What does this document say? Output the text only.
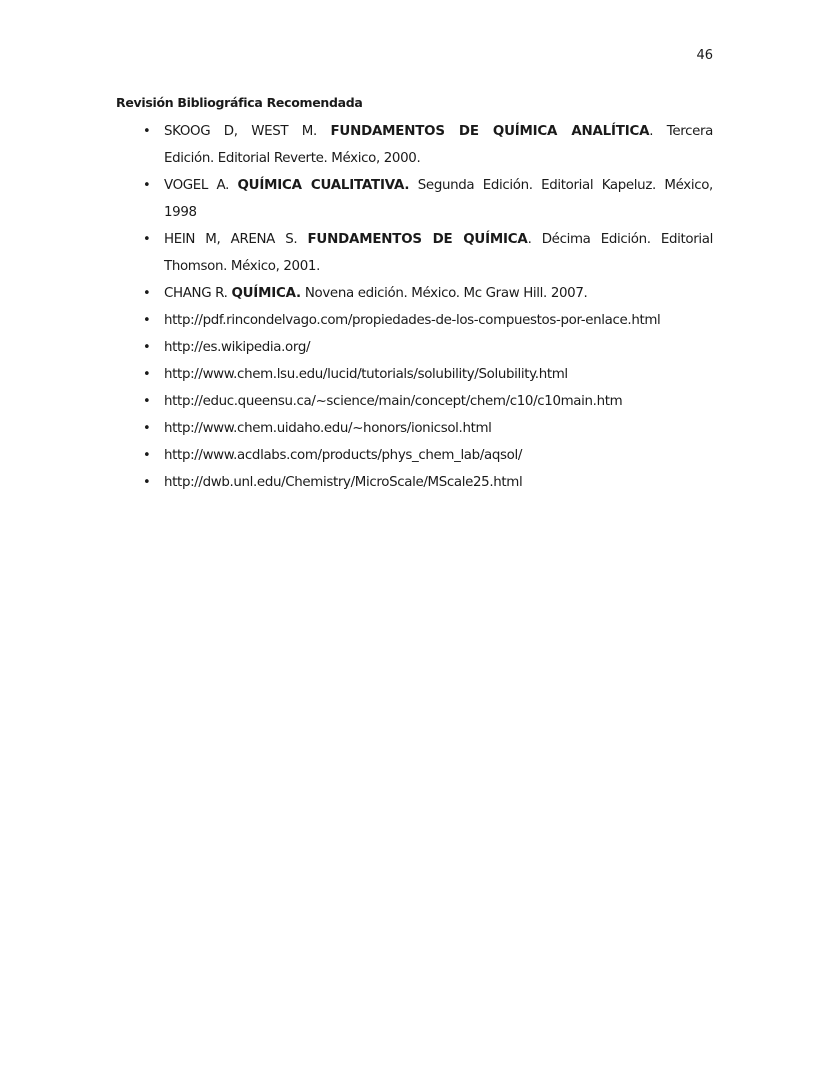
46
Revisión Bibliográfica Recomendada
• SKOOG D, WEST M. FUNDAMENTOS DE QUÍMICA ANALÍTICA. Tercera
Edición. Editorial Reverte. México, 2000.
• VOGEL A. QUÍMICA CUALITATIVA. Segunda Edición. Editorial Kapeluz. México,
1998
• HEIN M, ARENA S. FUNDAMENTOS DE QUÍMICA. Décima Edición. Editorial
Thomson. México, 2001.
• CHANG R. QUÍMICA. Novena edición. México. Mc Graw Hill. 2007.
• http://pdf.rincondelvago.com/propiedades-de-los-compuestos-por-enlace.html
• http://es.wikipedia.org/
• http://www.chem.lsu.edu/lucid/tutorials/solubility/Solubility.html
• http://educ.queensu.ca/~science/main/concept/chem/c10/c10main.htm
• http://www.chem.uidaho.edu/~honors/ionicsol.html
• http://www.acdlabs.com/products/phys_chem_lab/aqsol/
• http://dwb.unl.edu/Chemistry/MicroScale/MScale25.html
